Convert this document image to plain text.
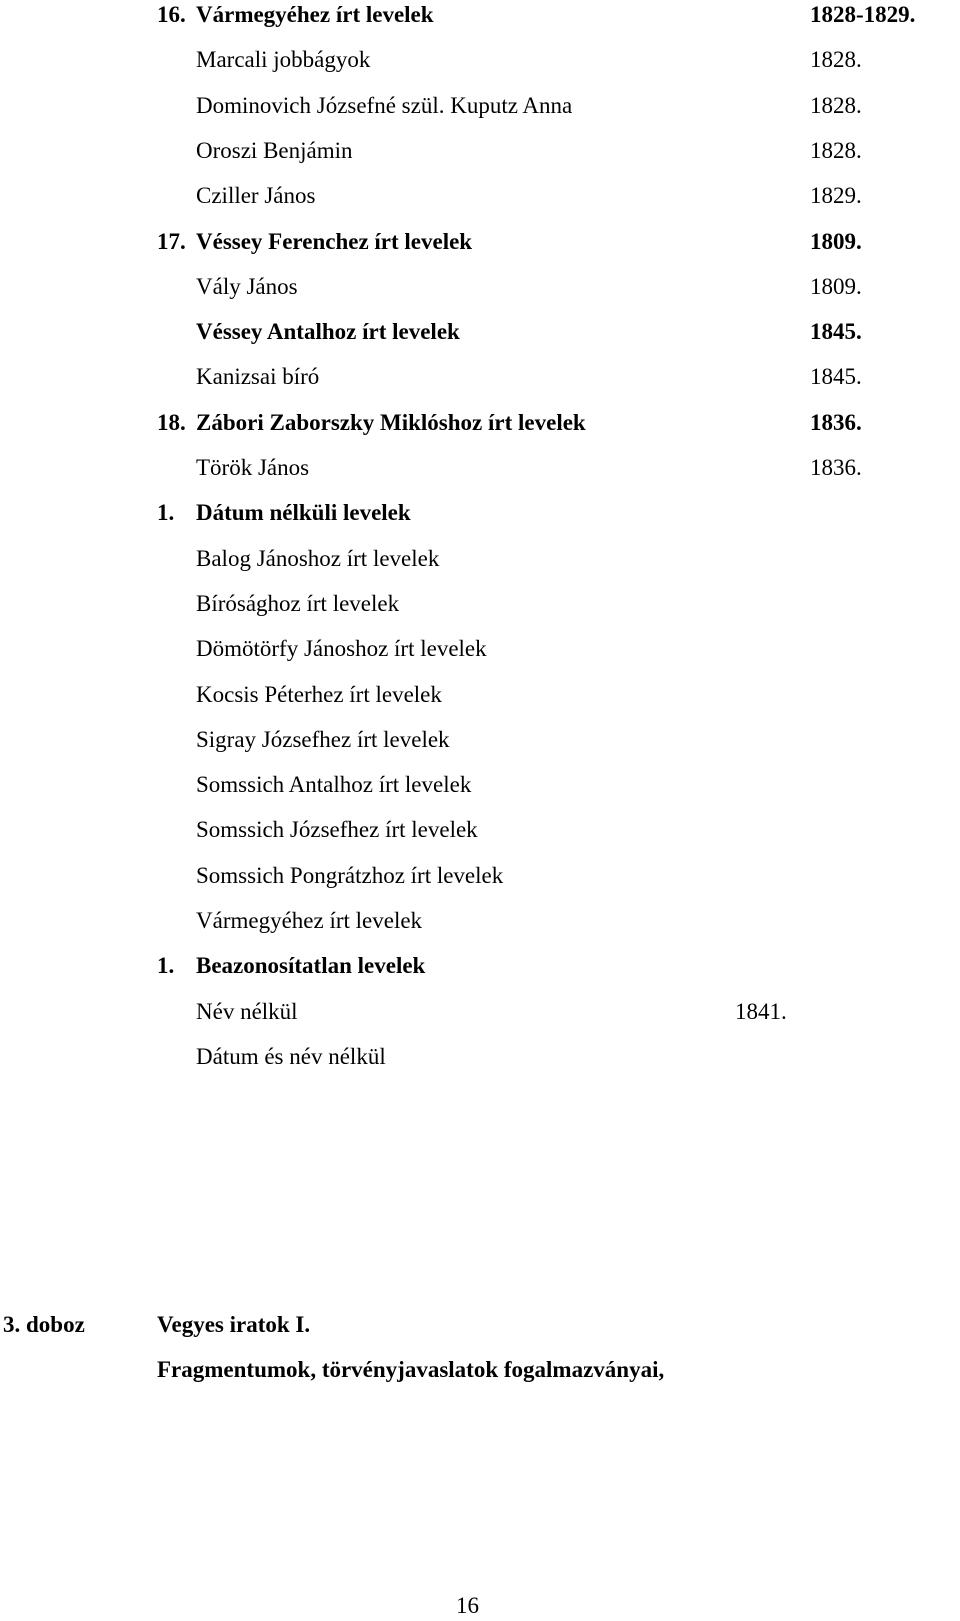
16. Vármegyéhez írt levelek	1828-1829.
Marcali jobbágyok	1828.
Dominovich Józsefné szül. Kuputz Anna	1828.
Oroszi Benjámin	1828.
Cziller János	1829.
17. Véssey Ferenchez írt levelek	1809.
Vály János	1809.
Véssey Antalhoz írt levelek	1845.
Kanizsai bíró	1845.
18. Zábori Zaborszky Miklóshoz írt levelek	1836.
Török János	1836.
1. Dátum nélküli levelek
Balog Jánoshoz írt levelek
Bírósághoz írt levelek
Dömötörfy Jánoshoz írt levelek
Kocsis Péterhez írt levelek
Sigray Józsefhez írt levelek
Somssich Antalhoz írt levelek
Somssich Józsefhez írt levelek
Somssich Pongrátzhoz írt levelek
Vármegyéhez írt levelek
1. Beazonosítatlan levelek
Név nélkül	1841.
Dátum és név nélkül
3. doboz	Vegyes iratok I.
Fragmentumok, törvényjavaslatok fogalmazványai,
16
